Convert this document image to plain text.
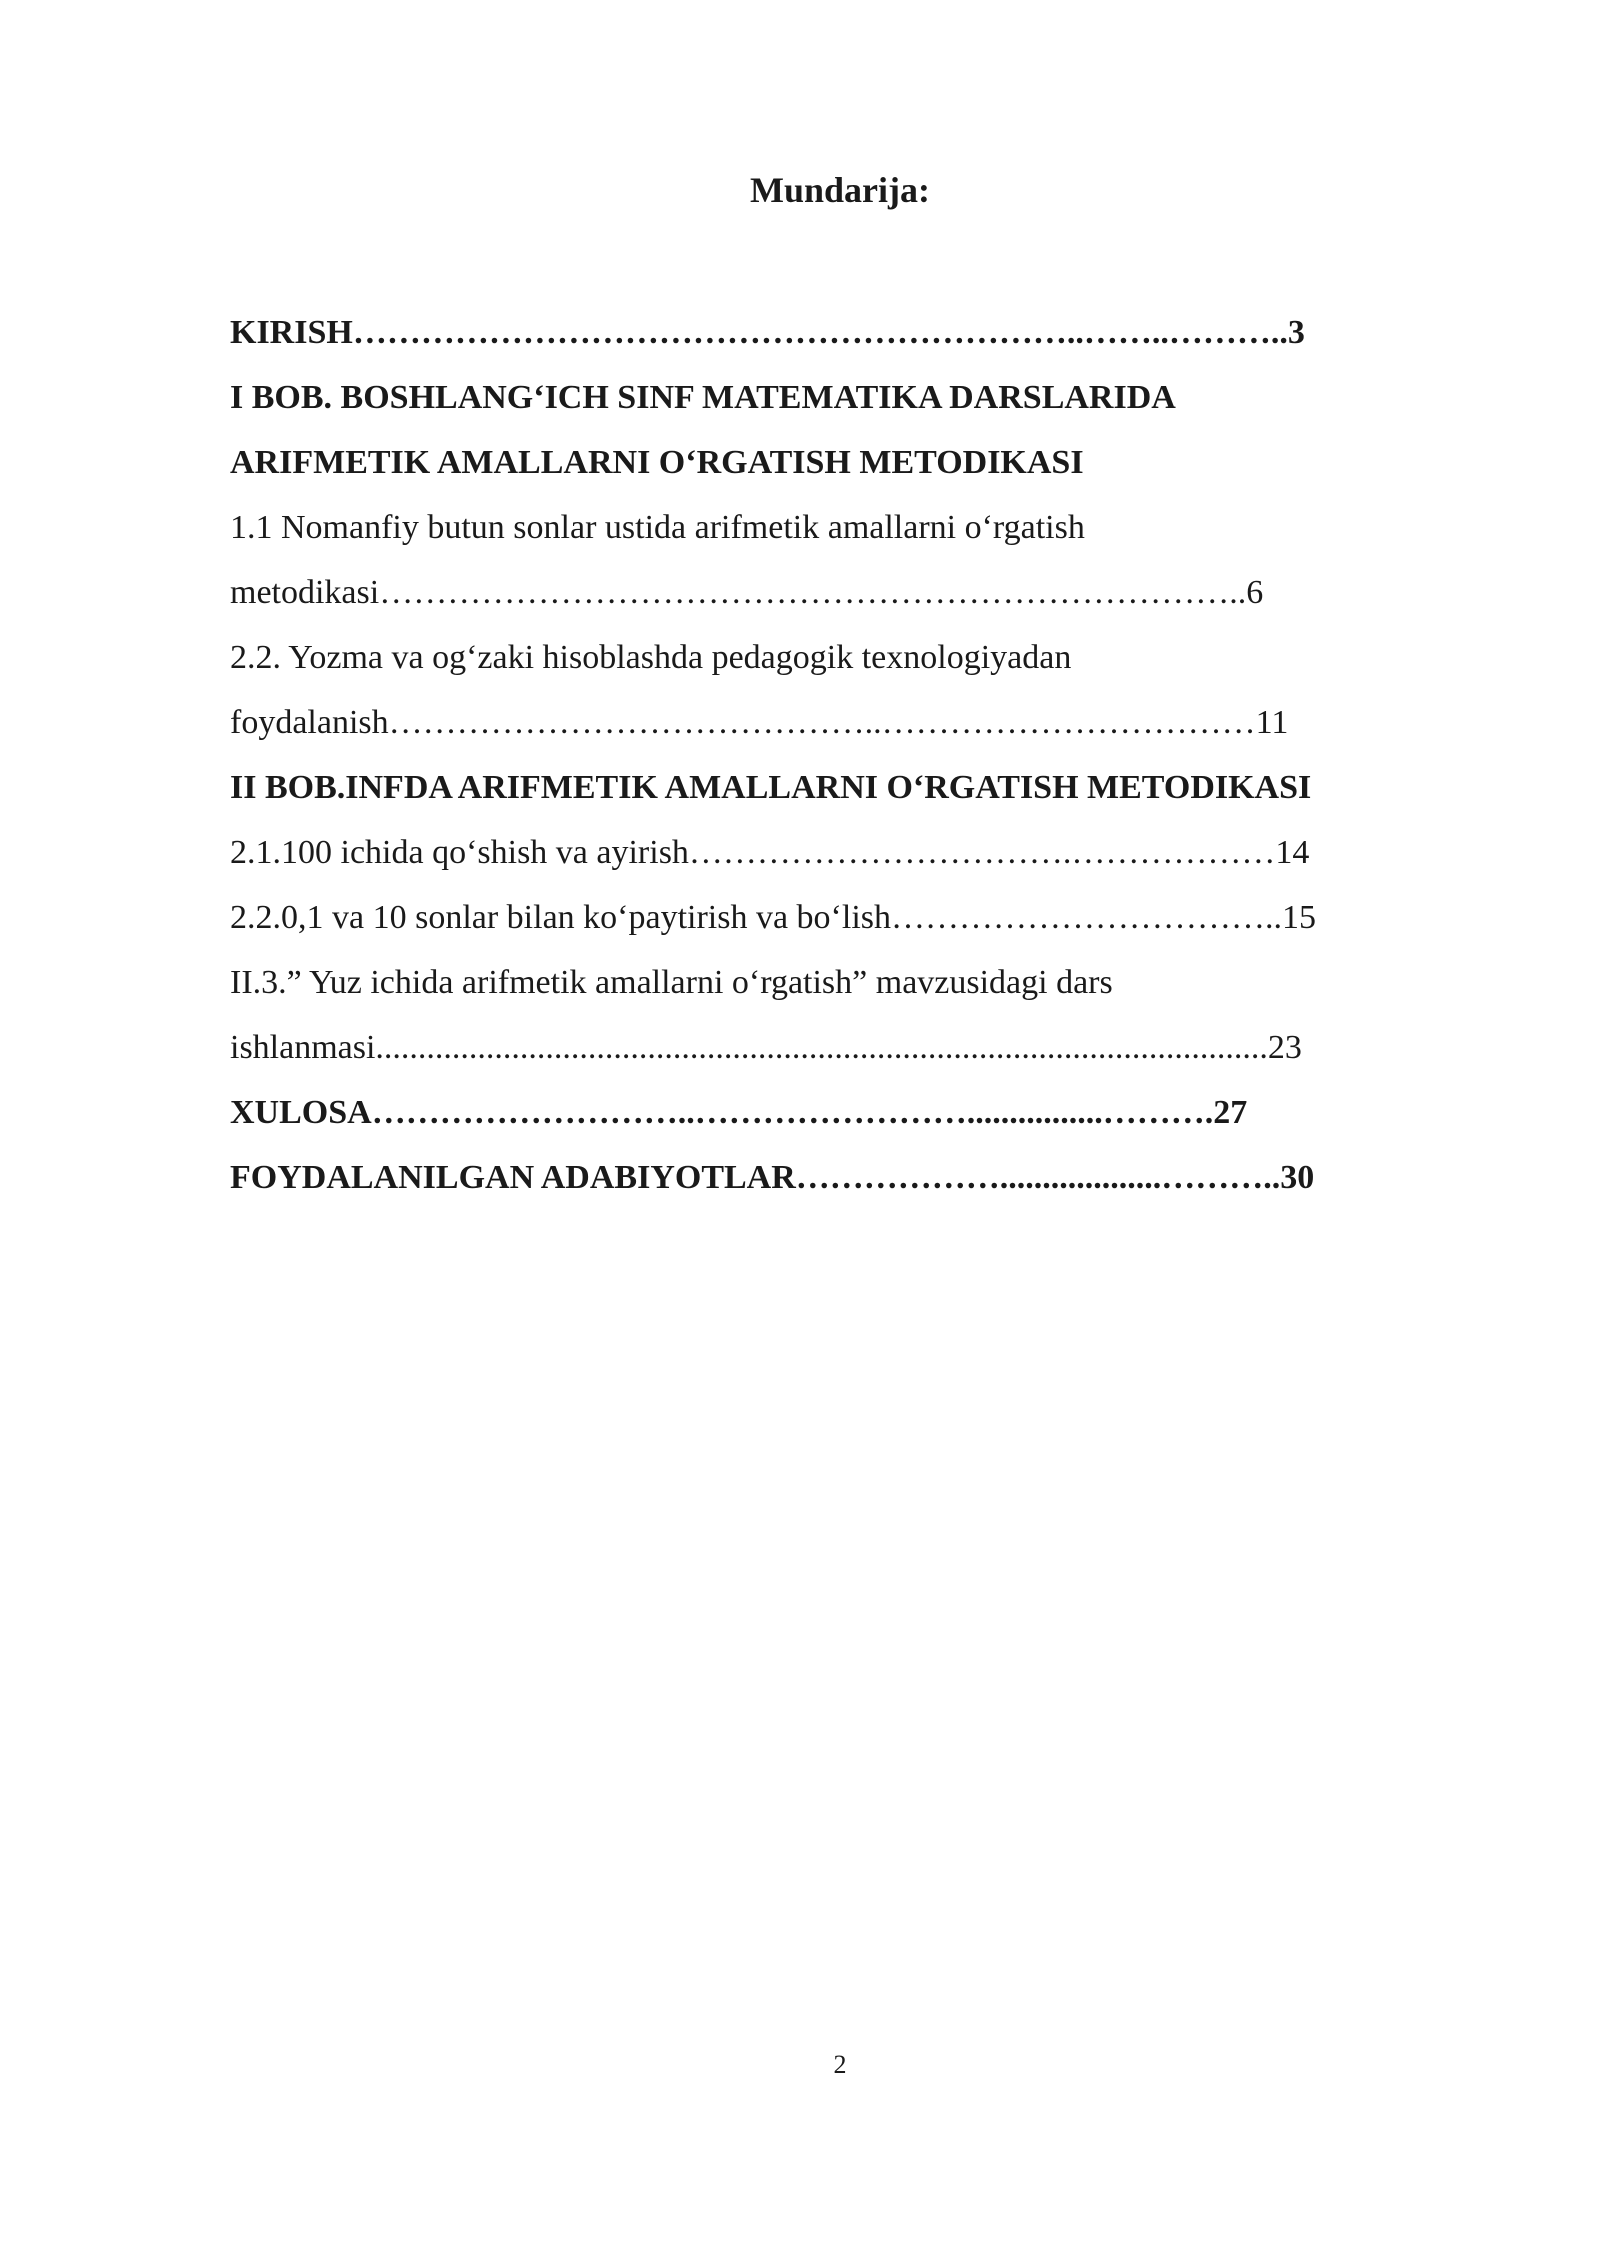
Mundarija:
KIRISH………………………………………………………..……..………..3
I BOB. BOSHLANG‘ICH SINF MATEMATIKA DARSLARIDA
ARIFMETIK AMALLARNI O‘RGATISH METODIKASI
1.1 Nomanfiy butun sonlar ustida arifmetik amallarni o‘rgatish
metodikasi…………………………………………………………………..6
2.2. Yozma va og‘zaki hisoblashda pedagogik texnologiyadan
foydalanish……………………………………..……………………………11
II BOB.INFDA ARIFMETIK AMALLARNI O‘RGATISH METODIKASI
2.1.100 ichida qo‘shish va ayirish…………………………….………………14
2.2.0,1 va 10 sonlar bilan ko‘paytirish va bo‘lish……………………………..15
II.3.” Yuz ichida arifmetik amallarni o‘rgatish” mavzusidagi dars
ishlanmasi.........................................................................................................23
XULOSA………………………..……………………................……….27
FOYDALANILGAN ADABIYOTLAR………………...................………..30
2
